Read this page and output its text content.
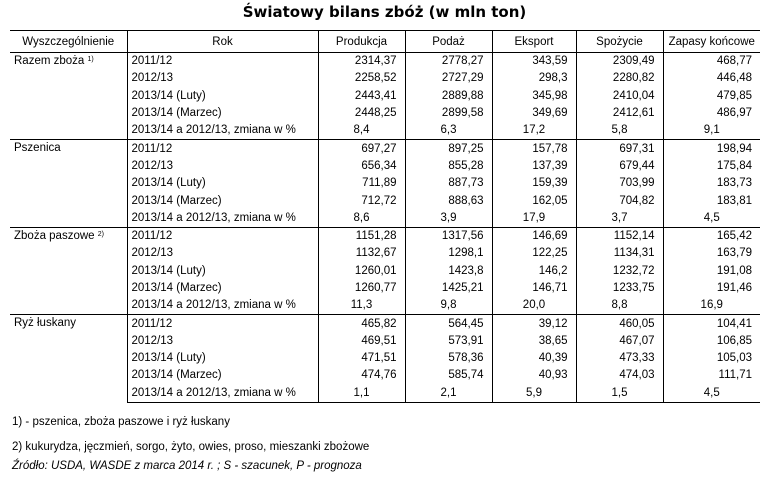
Światowy bilans zbóż (w mln ton)
Wyszczególnienie	Rok	Produkcja	Podaż	Eksport	Spożycie	Zapasy końcowe
Razem zboża $^{1)}$	2011/12	2314,37	2778,27	343,59	2309,49	468,77
	2012/13	2258,52	2727,29	298,3	2280,82	446,48
	2013/14 (Luty)	2443,41	2889,88	345,98	2410,04	479,85
	2013/14 (Marzec)	2448,25	2899,58	349,69	2412,61	486,97
	2013/14 a 2012/13, zmiana w %	8,4	6,3	17,2	5,8	9,1
Pszenica	2011/12	697,27	897,25	157,78	697,31	198,94
	2012/13	656,34	855,28	137,39	679,44	175,84
	2013/14 (Luty)	711,89	887,73	159,39	703,99	183,73
	2013/14 (Marzec)	712,72	888,63	162,05	704,82	183,81
	2013/14 a 2012/13, zmiana w %	8,6	3,9	17,9	3,7	4,5
Zboża paszowe $^{2)}$	2011/12	1151,28	1317,56	146,69	1152,14	165,42
	2012/13	1132,67	1298,1	122,25	1134,31	163,79
	2013/14 (Luty)	1260,01	1423,8	146,2	1232,72	191,08
	2013/14 (Marzec)	1260,77	1425,21	146,71	1233,75	191,46
	2013/14 a 2012/13, zmiana w %	11,3	9,8	20,0	8,8	16,9
Ryż łuskany	2011/12	465,82	564,45	39,12	460,05	104,41
	2012/13	469,51	573,91	38,65	467,07	106,85
	2013/14 (Luty)	471,51	578,36	40,39	473,33	105,03
	2013/14 (Marzec)	474,76	585,74	40,93	474,03	111,71
	2013/14 a 2012/13, zmiana w %	1,1	2,1	5,9	1,5	4,5
1) - pszenica, zboża paszowe i ryż łuskany
2) kukurydza, jęczmień, sorgo, żyto, owies, proso, mieszanki zbożowe
Źródło: USDA, WASDE z marca 2014 r. ; S - szacunek, P - prognoza
